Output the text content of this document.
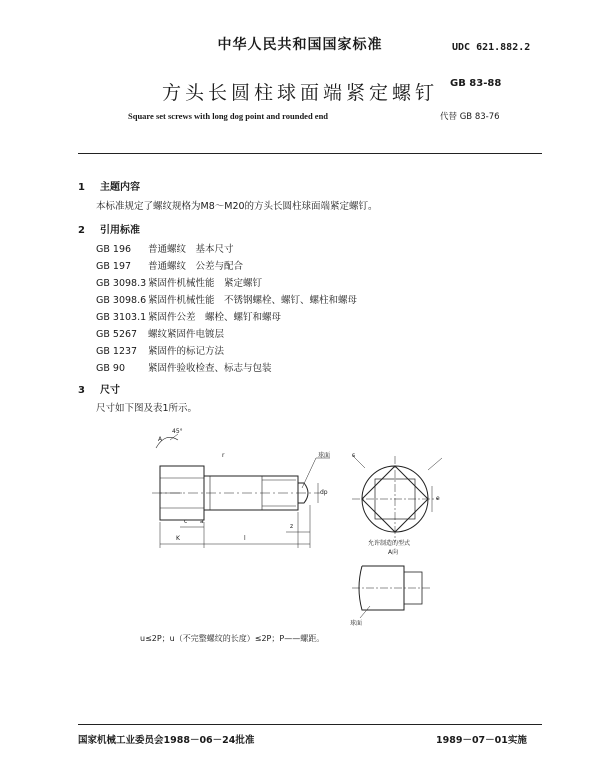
中华人民共和国国家标准	UDC 621.882.2
方头长圆柱球面端紧定螺钉	GB 83-88
Square set screws with long dog point and rounded end	代替 GB 83-76
1 主题内容
本标准规定了螺纹规格为M8～M20的方头长圆柱球面端紧定螺钉。
2 引用标准
GB 196 普通螺纹　基本尺寸
GB 197 普通螺纹　公差与配合
GB 3098.3 紧固件机械性能　紧定螺钉
GB 3098.6 紧固件机械性能　不锈钢螺栓、螺钉、螺柱和螺母
GB 3103.1 紧固件公差　螺栓、螺钉和螺母
GB 5267 螺纹紧固件电镀层
GB 1237 紧固件的标记方法
GB 90 紧固件验收检查、标志与包装
3 尺寸
尺寸如下图及表1所示。
45°
A
r	球面
dp
c a
z
K	l
s
e
允许制造的型式
A向
球面
u≤2P；u（不完整螺纹的长度）≤2P；P——螺距。
国家机械工业委员会1988－06－24批准	1989－07－01实施
